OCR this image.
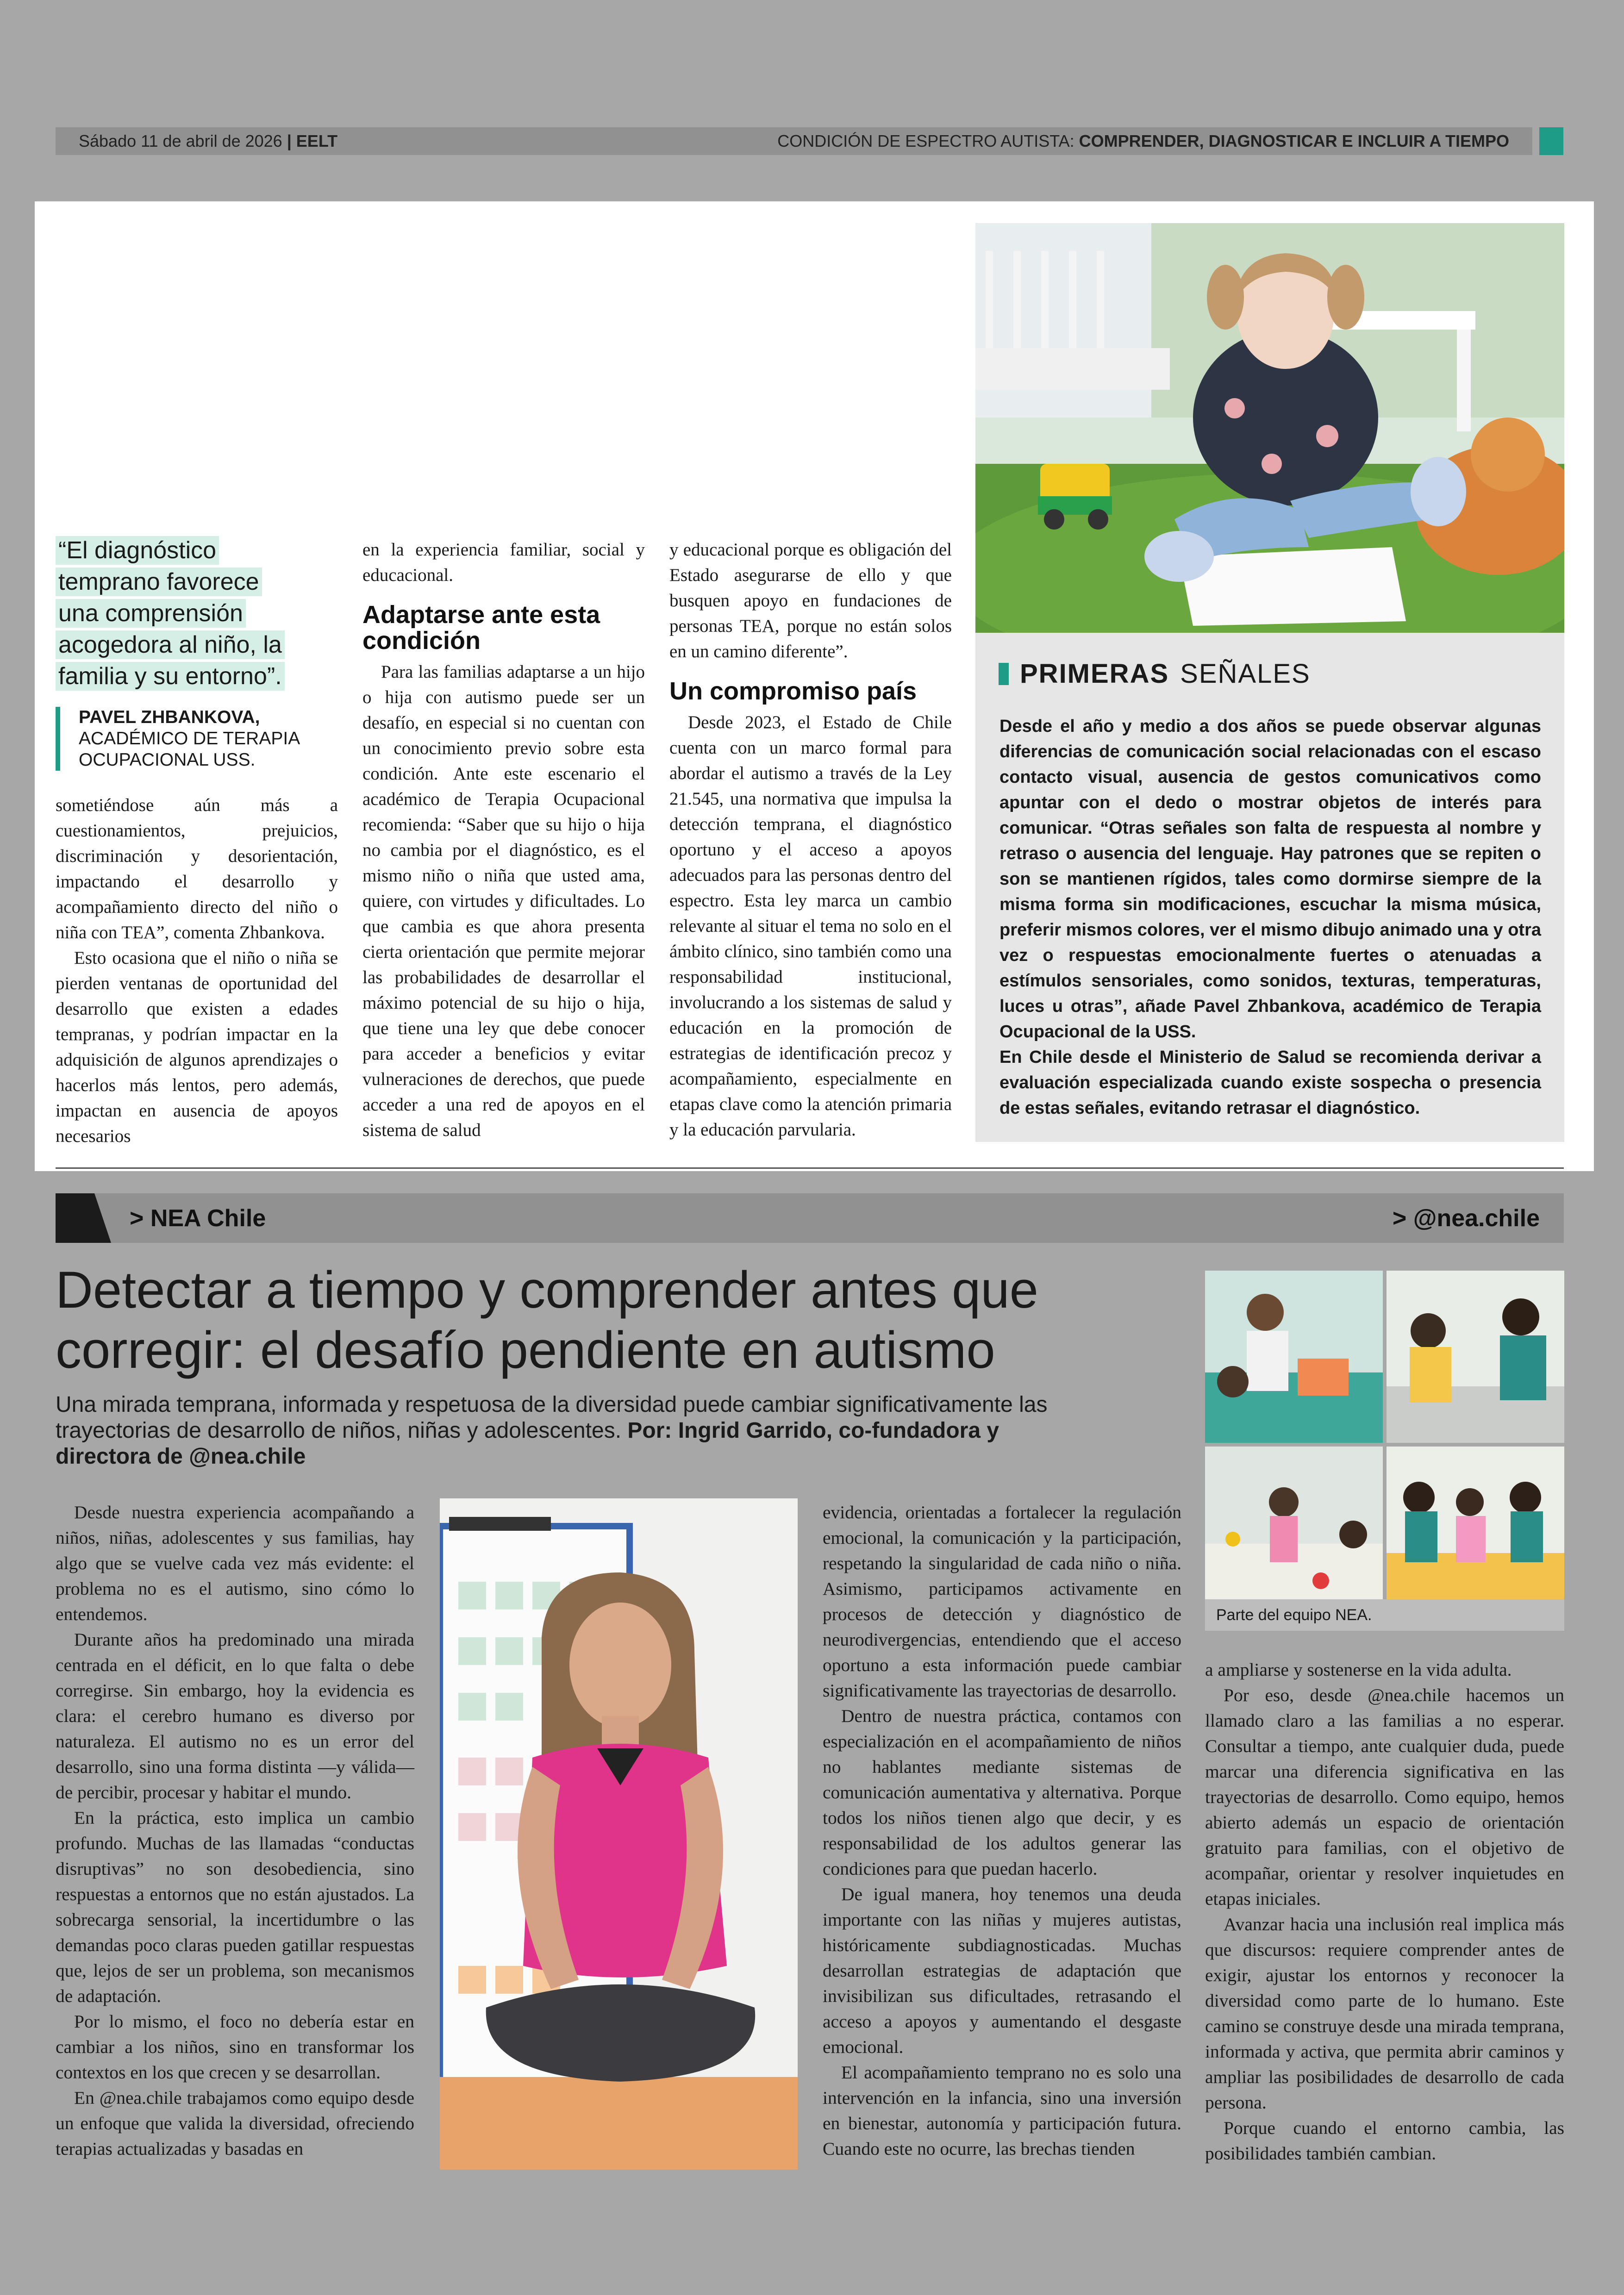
Sábado 11 de abril de 2026 | EELT	CONDICIÓN DE ESPECTRO AUTISTA: COMPRENDER, DIAGNOSTICAR E INCLUIR A TIEMPO
“El diagnóstico
temprano favorece
una comprensión
acogedora al niño, la
familia y su entorno”.
PAVEL ZHBANKOVA,
ACADÉMICO DE TERAPIA OCUPACIONAL USS.

sometiéndose aún más a cuestionamientos, prejuicios, discriminación y desorientación, impactando el desarrollo y acompañamiento directo del niño o niña con TEA”, comenta Zhbankova.

Esto ocasiona que el niño o niña se pierden ventanas de oportunidad del desarrollo que existen a edades tempranas, y podrían impactar en la adquisición de algunos aprendizajes o hacerlos más lentos, pero además, impactan en ausencia de apoyos necesarios

en la experiencia familiar, social y educacional.

Adaptarse ante esta condición

Para las familias adaptarse a un hijo o hija con autismo puede ser un desafío, en especial si no cuentan con un conocimiento previo sobre esta condición. Ante este escenario el académico de Terapia Ocupacional recomienda: “Saber que su hijo o hija no cambia por el diagnóstico, es el mismo niño o niña que usted ama, quiere, con virtudes y dificultades. Lo que cambia es que ahora presenta cierta orientación que permite mejorar las probabilidades de desarrollar el máximo potencial de su hijo o hija, que tiene una ley que debe conocer para acceder a beneficios y evitar vulneraciones de derechos, que puede acceder a una red de apoyos en el sistema de salud

y educacional porque es obligación del Estado asegurarse de ello y que busquen apoyo en fundaciones de personas TEA, porque no están solos en un camino diferente”.

Un compromiso país

Desde 2023, el Estado de Chile cuenta con un marco formal para abordar el autismo a través de la Ley 21.545, una normativa que impulsa la detección temprana, el diagnóstico oportuno y el acceso a apoyos adecuados para las personas dentro del espectro. Esta ley marca un cambio relevante al situar el tema no solo en el ámbito clínico, sino también como una responsabilidad institucional, involucrando a los sistemas de salud y educación en la promoción de estrategias de identificación precoz y acompañamiento, especialmente en etapas clave como la atención primaria y la educación parvularia.

PRIMERAS SEÑALES

Desde el año y medio a dos años se puede observar algunas diferencias de comunicación social relacionadas con el escaso contacto visual, ausencia de gestos comunicativos como apuntar con el dedo o mostrar objetos de interés para comunicar. “Otras señales son falta de respuesta al nombre y retraso o ausencia del lenguaje. Hay patrones que se repiten o son se mantienen rígidos, tales como dormirse siempre de la misma forma sin modificaciones, escuchar la misma música, preferir mismos colores, ver el mismo dibujo animado una y otra vez o respuestas emocionalmente fuertes o atenuadas a estímulos sensoriales, como sonidos, texturas, temperaturas, luces u otras”, añade Pavel Zhbankova, académico de Terapia Ocupacional de la USS.

En Chile desde el Ministerio de Salud se recomienda derivar a evaluación especializada cuando existe sospecha o presencia de estas señales, evitando retrasar el diagnóstico.

> NEA Chile	> @nea.chile
Detectar a tiempo y comprender antes que corregir: el desafío pendiente en autismo
Una mirada temprana, informada y respetuosa de la diversidad puede cambiar significativamente las trayectorias de desarrollo de niños, niñas y adolescentes. Por: Ingrid Garrido, co-fundadora y directora de @nea.chile

Desde nuestra experiencia acompañando a niños, niñas, adolescentes y sus familias, hay algo que se vuelve cada vez más evidente: el problema no es el autismo, sino cómo lo entendemos.

Durante años ha predominado una mirada centrada en el déficit, en lo que falta o debe corregirse. Sin embargo, hoy la evidencia es clara: el cerebro humano es diverso por naturaleza. El autismo no es un error del desarrollo, sino una forma distinta —y válida— de percibir, procesar y habitar el mundo.

En la práctica, esto implica un cambio profundo. Muchas de las llamadas “conductas disruptivas” no son desobediencia, sino respuestas a entornos que no están ajustados. La sobrecarga sensorial, la incertidumbre o las demandas poco claras pueden gatillar respuestas que, lejos de ser un problema, son mecanismos de adaptación.

Por lo mismo, el foco no debería estar en cambiar a los niños, sino en transformar los contextos en los que crecen y se desarrollan.

En @nea.chile trabajamos como equipo desde un enfoque que valida la diversidad, ofreciendo terapias actualizadas y basadas en

evidencia, orientadas a fortalecer la regulación emocional, la comunicación y la participación, respetando la singularidad de cada niño o niña. Asimismo, participamos activamente en procesos de detección y diagnóstico de neurodivergencias, entendiendo que el acceso oportuno a esta información puede cambiar significativamente las trayectorias de desarrollo.

Dentro de nuestra práctica, contamos con especialización en el acompañamiento de niños no hablantes mediante sistemas de comunicación aumentativa y alternativa. Porque todos los niños tienen algo que decir, y es responsabilidad de los adultos generar las condiciones para que puedan hacerlo.

De igual manera, hoy tenemos una deuda importante con las niñas y mujeres autistas, históricamente subdiagnosticadas. Muchas desarrollan estrategias de adaptación que invisibilizan sus dificultades, retrasando el acceso a apoyos y aumentando el desgaste emocional.

El acompañamiento temprano no es solo una intervención en la infancia, sino una inversión en bienestar, autonomía y participación futura. Cuando este no ocurre, las brechas tienden

Parte del equipo NEA.

a ampliarse y sostenerse en la vida adulta.

Por eso, desde @nea.chile hacemos un llamado claro a las familias a no esperar. Consultar a tiempo, ante cualquier duda, puede marcar una diferencia significativa en las trayectorias de desarrollo. Como equipo, hemos abierto además un espacio de orientación gratuito para familias, con el objetivo de acompañar, orientar y resolver inquietudes en etapas iniciales.

Avanzar hacia una inclusión real implica más que discursos: requiere comprender antes de exigir, ajustar los entornos y reconocer la diversidad como parte de lo humano. Este camino se construye desde una mirada temprana, informada y activa, que permita abrir caminos y ampliar las posibilidades de desarrollo de cada persona.

Porque cuando el entorno cambia, las posibilidades también cambian.
